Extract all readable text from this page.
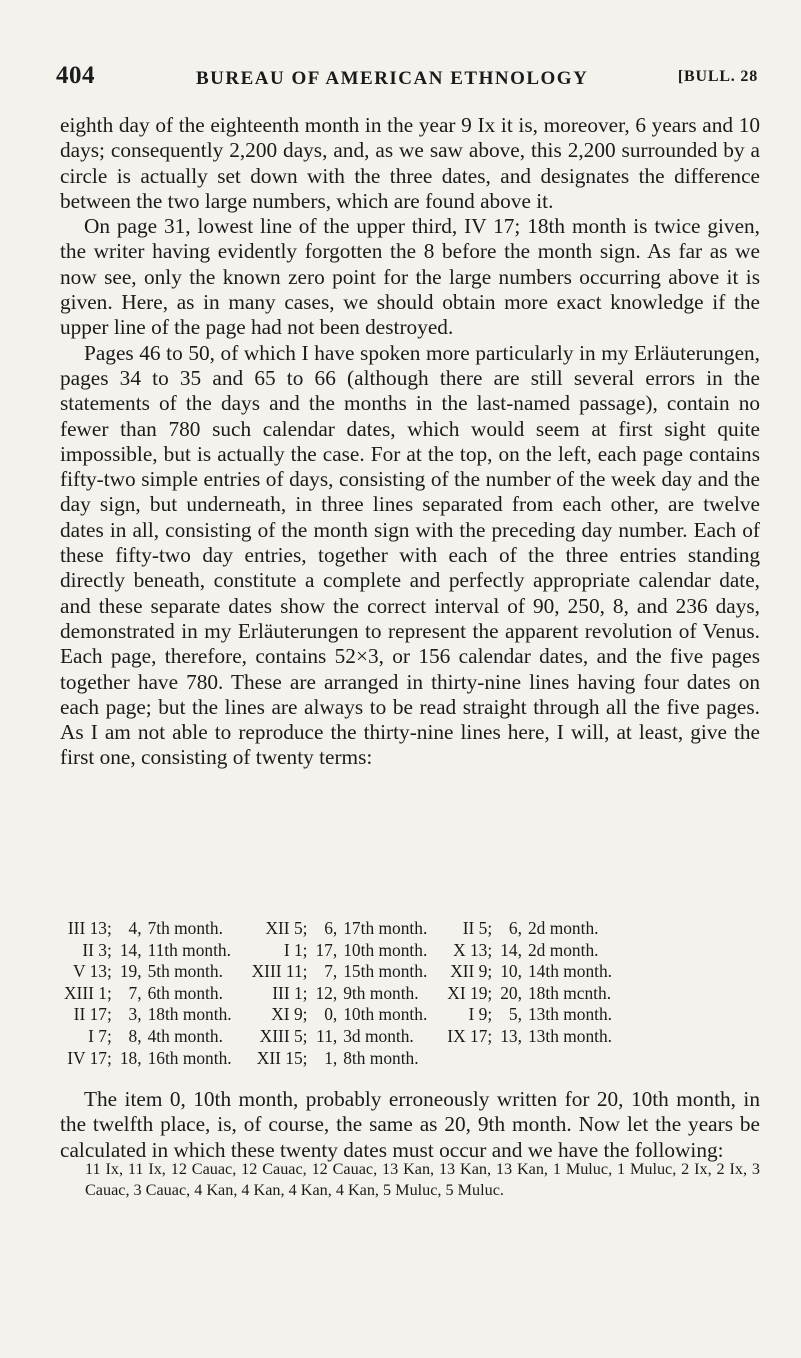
404	BUREAU OF AMERICAN ETHNOLOGY	[BULL. 28

eighth day of the eighteenth month in the year 9 Ix it is, moreover, 6 years and 10 days; consequently 2,200 days, and, as we saw above, this 2,200 surrounded by a circle is actually set down with the three dates, and designates the difference between the two large numbers, which are found above it.

On page 31, lowest line of the upper third, IV 17; 18th month is twice given, the writer having evidently forgotten the 8 before the month sign. As far as we now see, only the known zero point for the large numbers occurring above it is given. Here, as in many cases, we should obtain more exact knowledge if the upper line of the page had not been destroyed.

Pages 46 to 50, of which I have spoken more particularly in my Erläuterungen, pages 34 to 35 and 65 to 66 (although there are still several errors in the statements of the days and the months in the last-named passage), contain no fewer than 780 such calendar dates, which would seem at first sight quite impossible, but is actually the case. For at the top, on the left, each page contains fifty-two simple entries of days, consisting of the number of the week day and the day sign, but underneath, in three lines separated from each other, are twelve dates in all, consisting of the month sign with the preceding day number. Each of these fifty-two day entries, together with each of the three entries standing directly beneath, constitute a complete and perfectly appropriate calendar date, and these separate dates show the correct interval of 90, 250, 8, and 236 days, demonstrated in my Erläuterungen to represent the apparent revolution of Venus. Each page, therefore, contains 52×3, or 156 calendar dates, and the five pages together have 780. These are arranged in thirty-nine lines having four dates on each page; but the lines are always to be read straight through all the five pages. As I am not able to reproduce the thirty-nine lines here, I will, at least, give the first one, consisting of twenty terms:

III 13;	4,	7th month.		XII 5;	6,	17th month.		II 5;	6,	2d month.
II 3;	14,	11th month.		I 1;	17,	10th month.		X 13;	14,	2d month.
V 13;	19,	5th month.		XIII 11;	7,	15th month.		XII 9;	10,	14th month.
XIII 1;	7,	6th month.		III 1;	12,	9th month.		XI 19;	20,	18th mcnth.
II 17;	3,	18th month.		XI 9;	0,	10th month.		I 9;	5,	13th month.
I 7;	8,	4th month.		XIII 5;	11,	3d month.		IX 17;	13,	13th month.
IV 17;	18,	16th month.		XII 15;	1,	8th month.				

The item 0, 10th month, probably erroneously written for 20, 10th month, in the twelfth place, is, of course, the same as 20, 9th month. Now let the years be calculated in which these twenty dates must occur and we have the following:

11 Ix, 11 Ix, 12 Cauac, 12 Cauac, 12 Cauac, 13 Kan, 13 Kan, 13 Kan, 1 Muluc, 1 Muluc, 2 Ix, 2 Ix, 3 Cauac, 3 Cauac, 4 Kan, 4 Kan, 4 Kan, 4 Kan, 5 Muluc, 5 Muluc.
